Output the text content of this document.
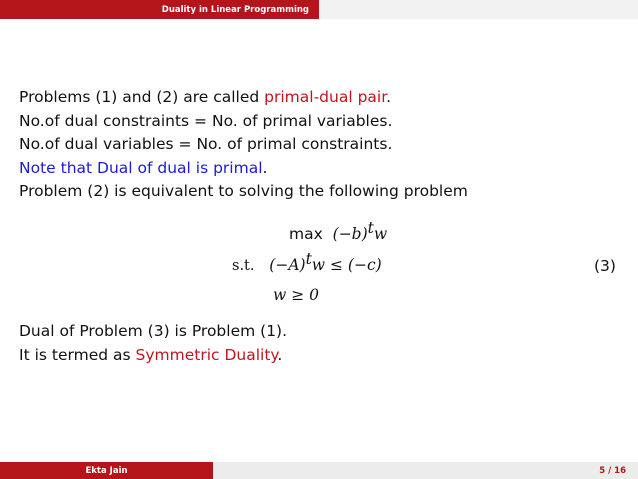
Duality in Linear Programming
Problems (1) and (2) are called primal-dual pair.
No.of dual constraints = No. of primal variables.
No.of dual variables = No. of primal constraints.
Note that Dual of dual is primal.
Problem (2) is equivalent to solving the following problem
$\max (-b)^tw$
s.t. $(-A)^tw \le (-c)$
w ≥ 0
(3)
Dual of Problem (3) is Problem (1).
It is termed as Symmetric Duality.
Ekta Jain	5 / 16
